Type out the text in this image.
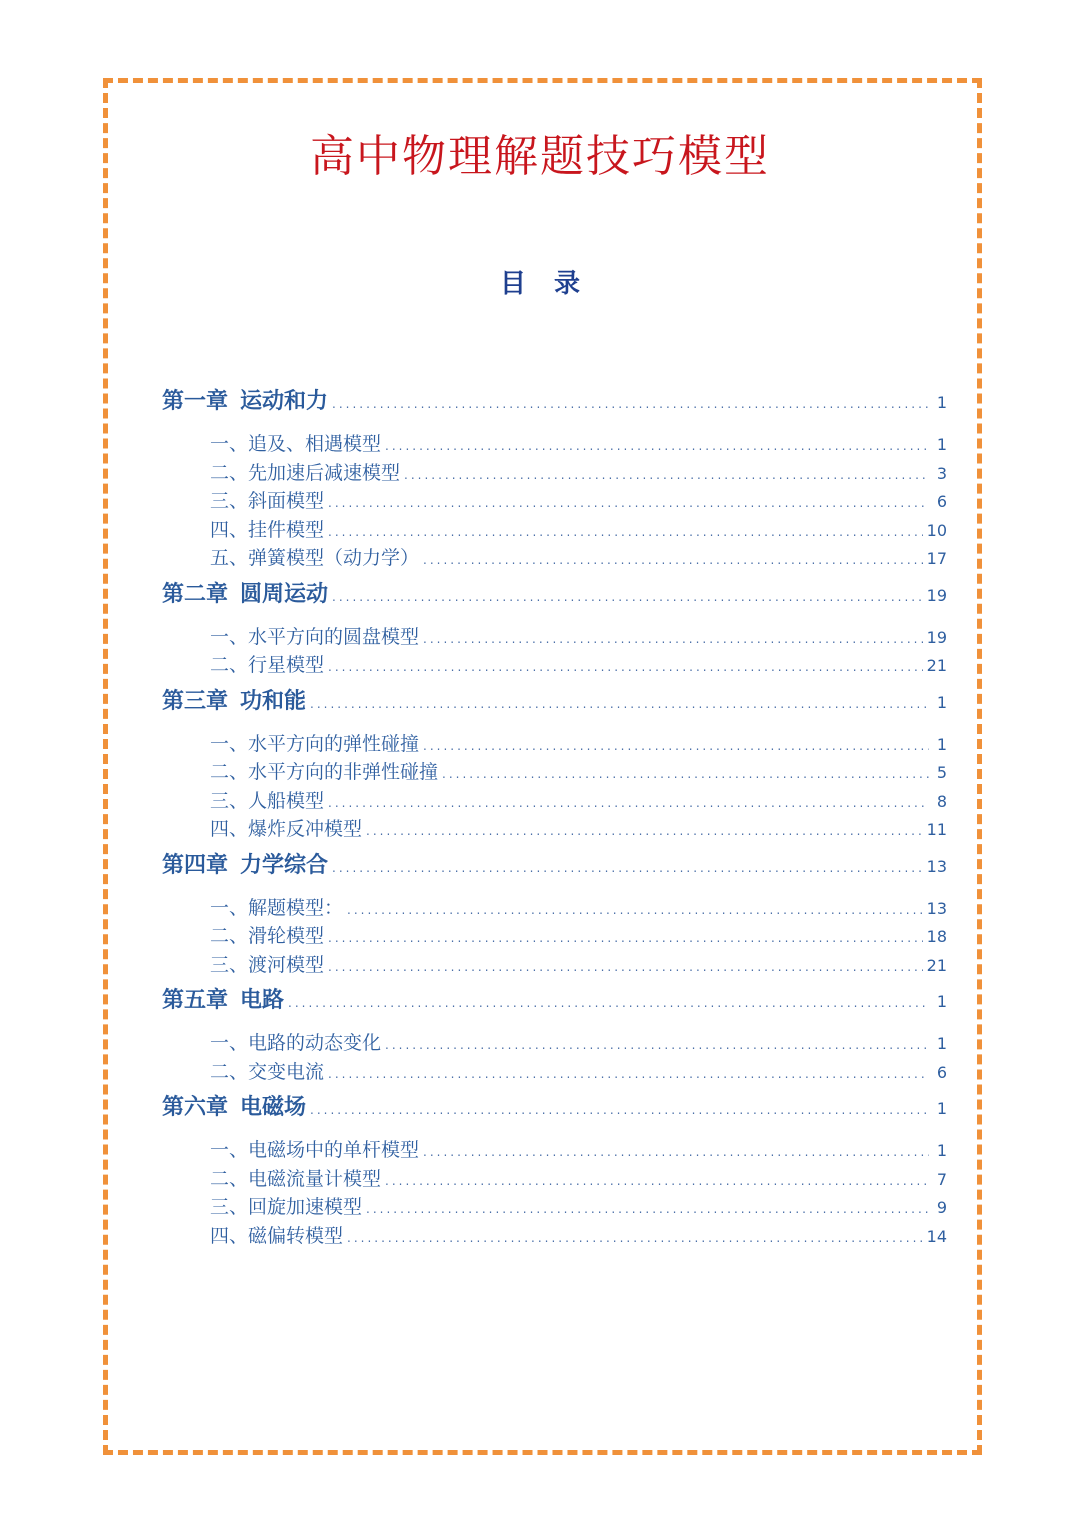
高中物理解题技巧模型
目 录
第一章 运动和力 .....	1
一、追及、相遇模型 .....	1
二、先加速后减速模型 .....	3
三、斜面模型 .....	6
四、挂件模型 .....	10
五、弹簧模型（动力学） .....	17
第二章 圆周运动 .....	19
一、水平方向的圆盘模型 .....	19
二、行星模型 .....	21
第三章 功和能 .....	1
一、水平方向的弹性碰撞 .....	1
二、水平方向的非弹性碰撞 .....	5
三、人船模型 .....	8
四、爆炸反冲模型 .....	11
第四章 力学综合 .....	13
一、解题模型： .....	13
二、滑轮模型 .....	18
三、渡河模型 .....	21
第五章 电路 .....	1
一、电路的动态变化 .....	1
二、交变电流 .....	6
第六章 电磁场 .....	1
一、电磁场中的单杆模型 .....	1
二、电磁流量计模型 .....	7
三、回旋加速模型 .....	9
四、磁偏转模型 .....	14
